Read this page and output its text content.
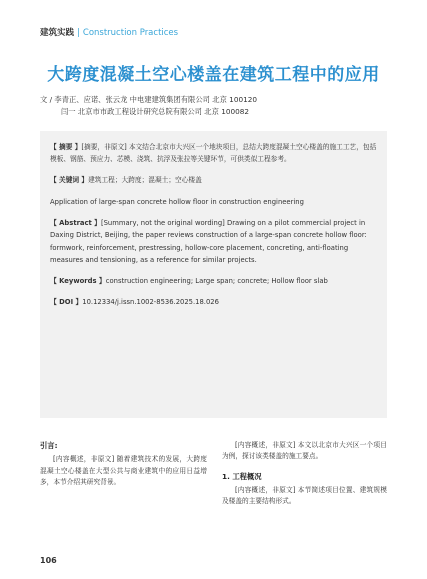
建筑实践 | Construction Practices
大跨度混凝土空心楼盖在建筑工程中的应用
文 / 李青正、应诺、张云龙 中电建建筑集团有限公司 北京 100120
闫一 北京市市政工程设计研究总院有限公司 北京 100082

【 摘要 】[摘要，非原文] 本文结合北京市大兴区一个地块项目，总结大跨度混凝土空心楼盖的施工工艺，包括模板、钢筋、预应力、芯模、浇筑、抗浮及张拉等关键环节，可供类似工程参考。

【 关键词 】建筑工程；大跨度；混凝土；空心楼盖

Application of large-span concrete hollow floor in construction engineering

【 Abstract 】[Summary, not the original wording] Drawing on a pilot commercial project in Daxing District, Beijing, the paper reviews construction of a large-span concrete hollow floor: formwork, reinforcement, prestressing, hollow-core placement, concreting, anti-floating measures and tensioning, as a reference for similar projects.

【 Keywords 】construction engineering; Large span; concrete; Hollow floor slab

【 DOI 】10.12334/j.issn.1002-8536.2025.18.026

引言:

[内容概述，非原文] 随着建筑技术的发展，大跨度混凝土空心楼盖在大型公共与商业建筑中的应用日益增多，本节介绍其研究背景。

[内容概述，非原文] 本文以北京市大兴区一个项目为例，探讨该类楼盖的施工要点。

1. 工程概况

[内容概述，非原文] 本节简述项目位置、建筑规模及楼盖的主要结构形式。

106
